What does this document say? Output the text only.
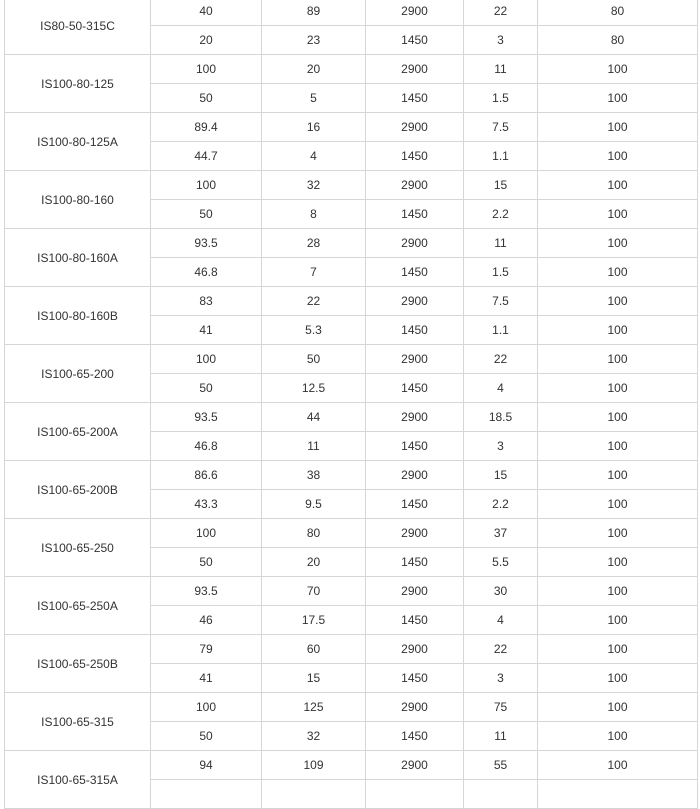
IS80-50-315C	40	89	2900	22	80
	20	23	1450	3	80
IS100-80-125	100	20	2900	11	100
	50	5	1450	1.5	100
IS100-80-125A	89.4	16	2900	7.5	100
	44.7	4	1450	1.1	100
IS100-80-160	100	32	2900	15	100
	50	8	1450	2.2	100
IS100-80-160A	93.5	28	2900	11	100
	46.8	7	1450	1.5	100
IS100-80-160B	83	22	2900	7.5	100
	41	5.3	1450	1.1	100
IS100-65-200	100	50	2900	22	100
	50	12.5	1450	4	100
IS100-65-200A	93.5	44	2900	18.5	100
	46.8	11	1450	3	100
IS100-65-200B	86.6	38	2900	15	100
	43.3	9.5	1450	2.2	100
IS100-65-250	100	80	2900	37	100
	50	20	1450	5.5	100
IS100-65-250A	93.5	70	2900	30	100
	46	17.5	1450	4	100
IS100-65-250B	79	60	2900	22	100
	41	15	1450	3	100
IS100-65-315	100	125	2900	75	100
	50	32	1450	11	100
IS100-65-315A	94	109	2900	55	100
